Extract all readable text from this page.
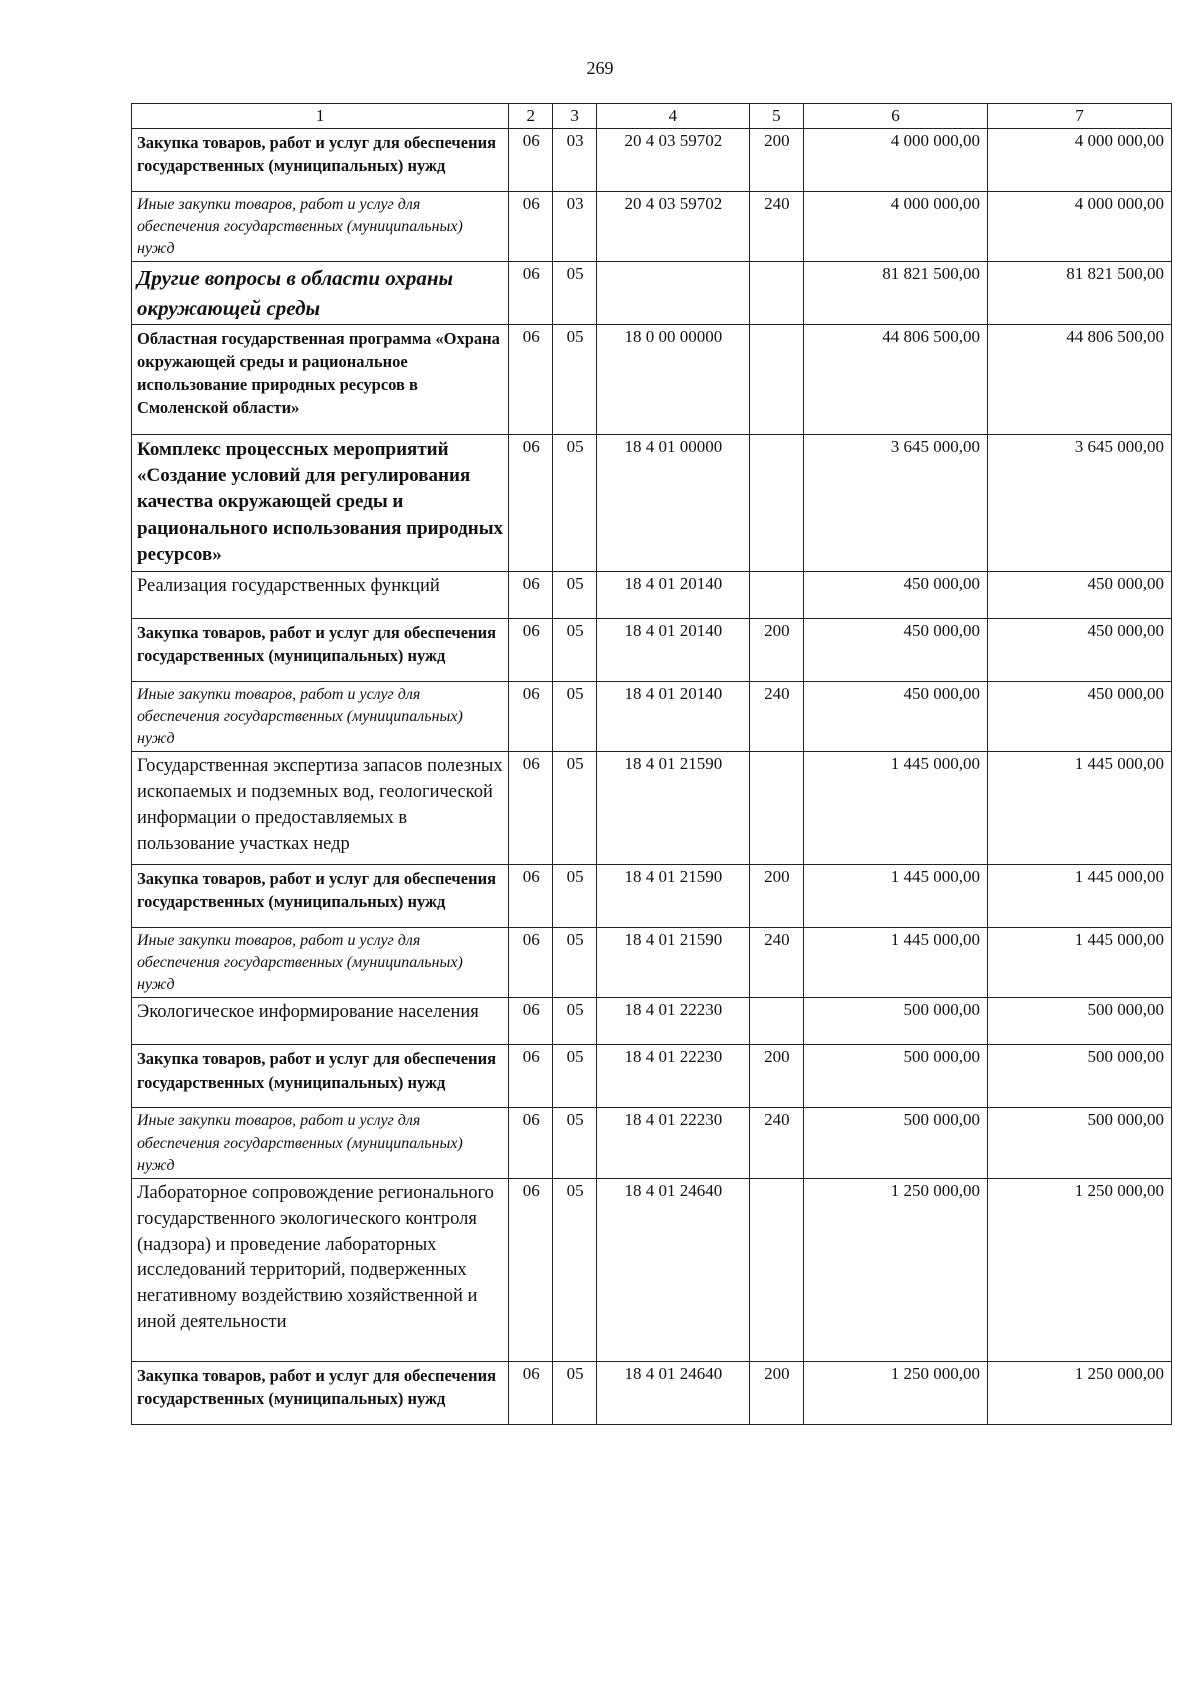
269
1	2	3	4	5	6	7
Закупка товаров, работ и услуг для обеспечения государственных (муниципальных) нужд	06	03	20 4 03 59702	200	4 000 000,00	4 000 000,00
Иные закупки товаров, работ и услуг для обеспечения государственных (муниципальных) нужд	06	03	20 4 03 59702	240	4 000 000,00	4 000 000,00
Другие вопросы в области охраны окружающей среды	06	05			81 821 500,00	81 821 500,00
Областная государственная программа «Охрана окружающей среды и рациональное использование природных ресурсов в Смоленской области»	06	05	18 0 00 00000		44 806 500,00	44 806 500,00
Комплекс процессных мероприятий «Создание условий для регулирования качества окружающей среды и рационального использования природных ресурсов»	06	05	18 4 01 00000		3 645 000,00	3 645 000,00
Реализация государственных функций	06	05	18 4 01 20140		450 000,00	450 000,00
Закупка товаров, работ и услуг для обеспечения государственных (муниципальных) нужд	06	05	18 4 01 20140	200	450 000,00	450 000,00
Иные закупки товаров, работ и услуг для обеспечения государственных (муниципальных) нужд	06	05	18 4 01 20140	240	450 000,00	450 000,00
Государственная экспертиза запасов полезных ископаемых и подземных вод, геологической информации о предоставляемых в пользование участках недр	06	05	18 4 01 21590		1 445 000,00	1 445 000,00
Закупка товаров, работ и услуг для обеспечения государственных (муниципальных) нужд	06	05	18 4 01 21590	200	1 445 000,00	1 445 000,00
Иные закупки товаров, работ и услуг для обеспечения государственных (муниципальных) нужд	06	05	18 4 01 21590	240	1 445 000,00	1 445 000,00
Экологическое информирование населения	06	05	18 4 01 22230		500 000,00	500 000,00
Закупка товаров, работ и услуг для обеспечения государственных (муниципальных) нужд	06	05	18 4 01 22230	200	500 000,00	500 000,00
Иные закупки товаров, работ и услуг для обеспечения государственных (муниципальных) нужд	06	05	18 4 01 22230	240	500 000,00	500 000,00
Лабораторное сопровождение регионального государственного экологического контроля (надзора) и проведение лабораторных исследований территорий, подверженных негативному воздействию хозяйственной и иной деятельности	06	05	18 4 01 24640		1 250 000,00	1 250 000,00
Закупка товаров, работ и услуг для обеспечения государственных (муниципальных) нужд	06	05	18 4 01 24640	200	1 250 000,00	1 250 000,00
